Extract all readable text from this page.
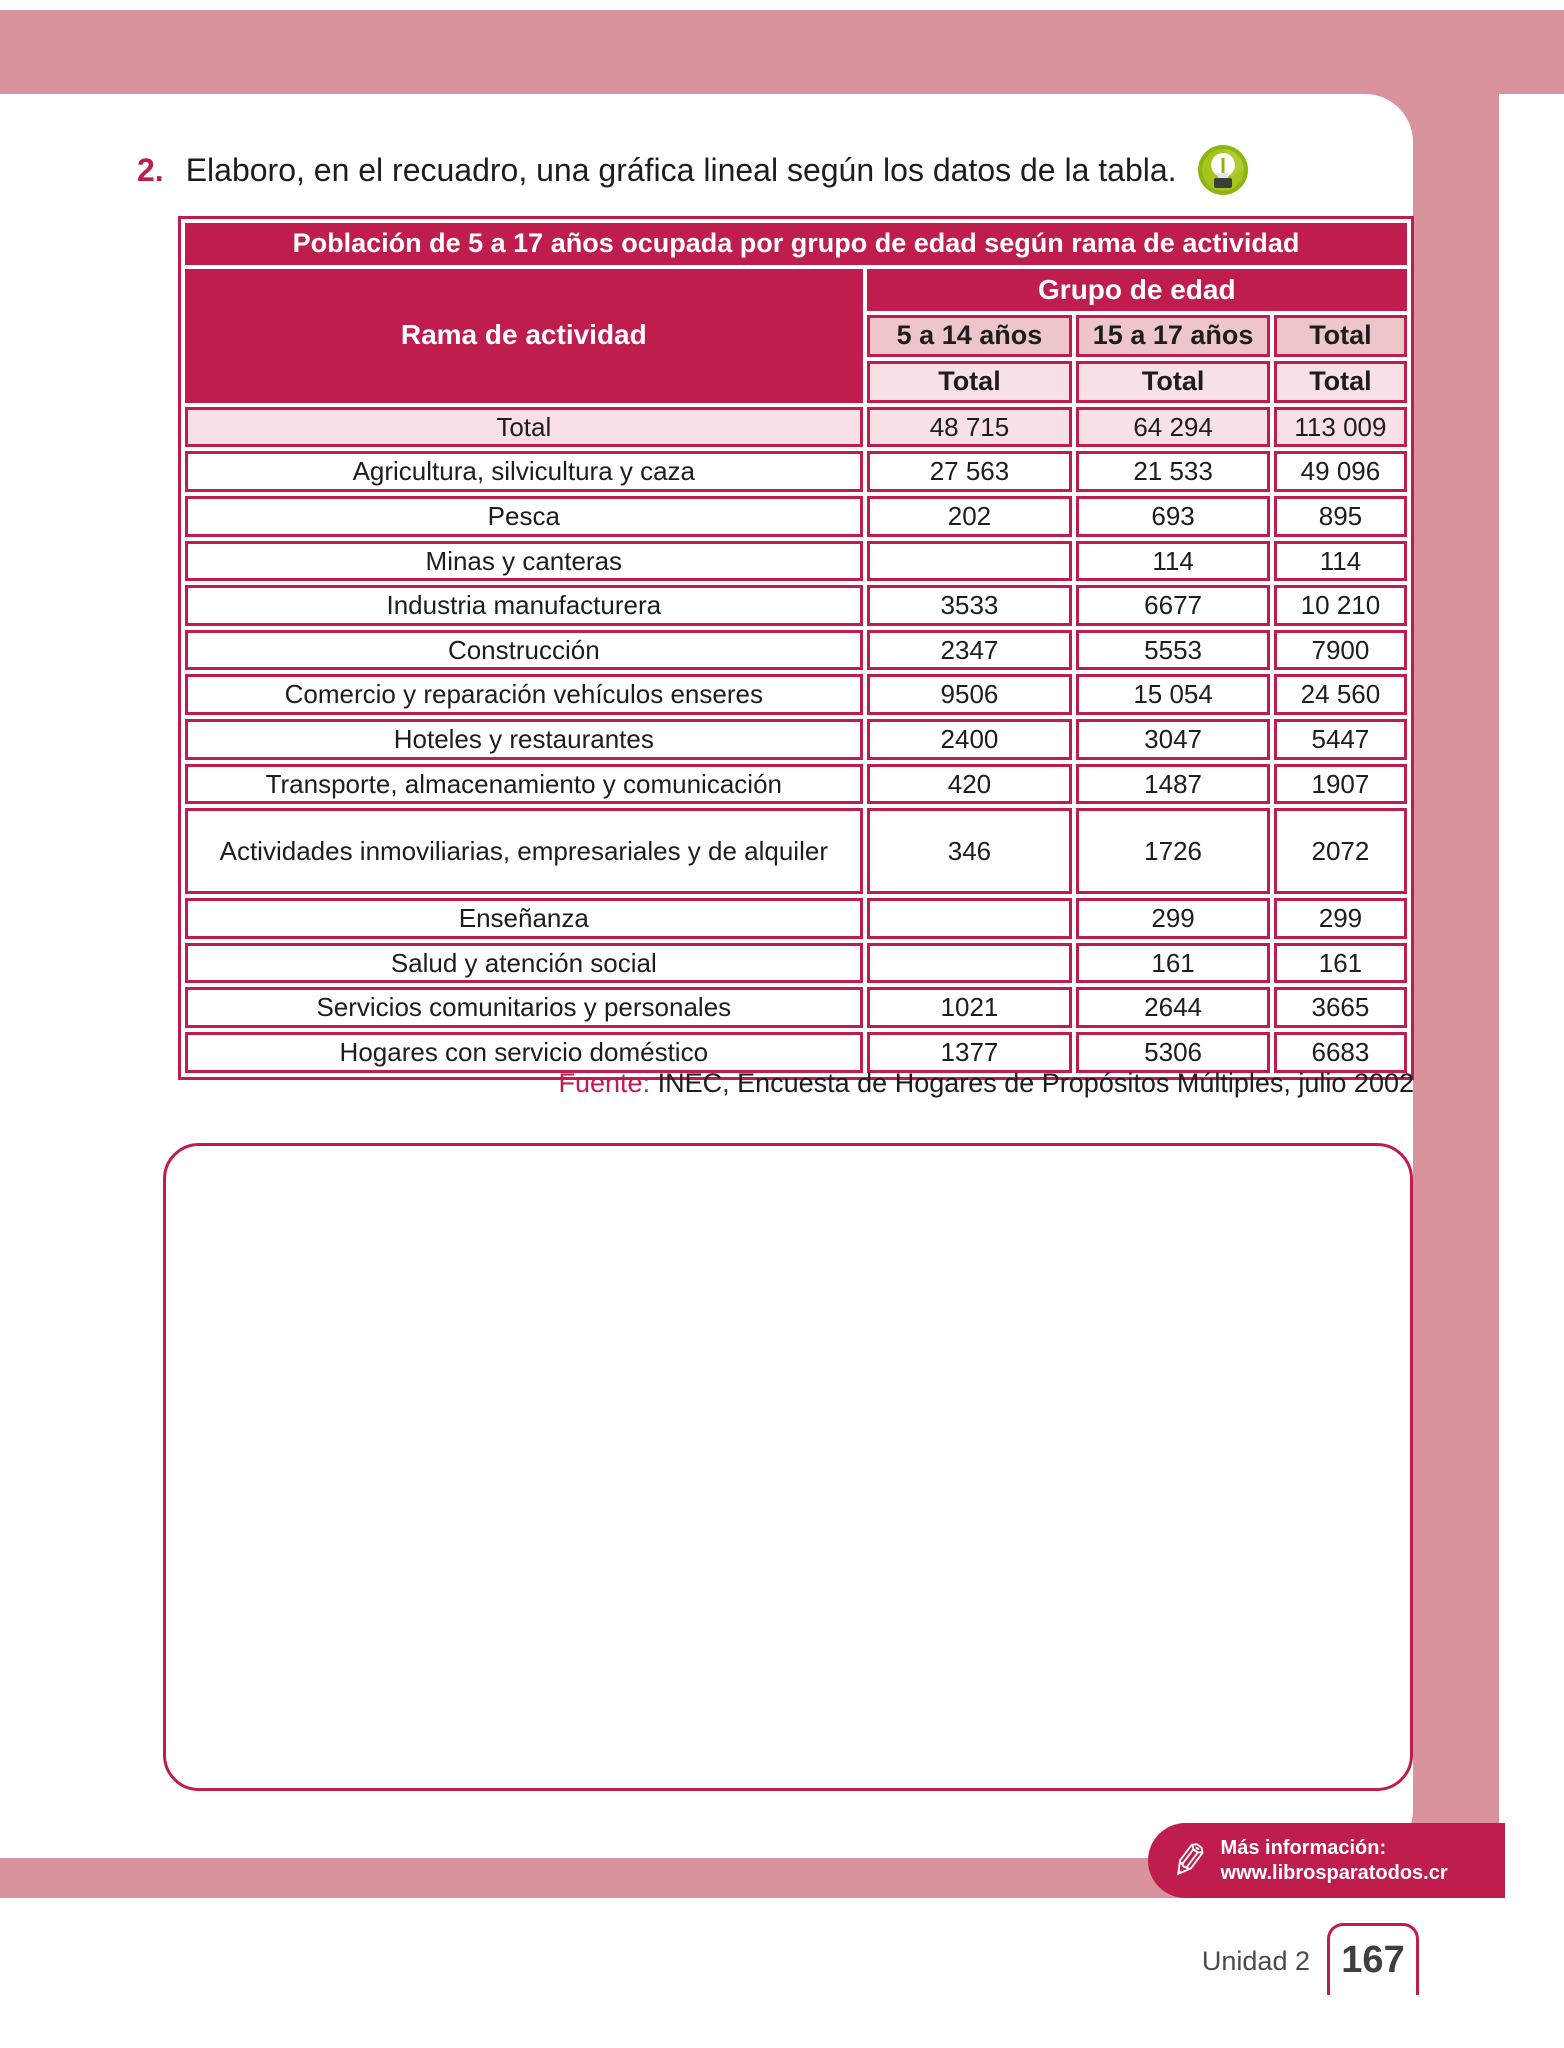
2. Elaboro, en el recuadro, una gráfica lineal según los datos de la tabla.
Población de 5 a 17 años ocupada por grupo de edad según rama de actividad			
Rama de actividad	Grupo de edad		
	5 a 14 años	15 a 17 años	Total
	Total	Total	Total
Total	48 715	64 294	113 009
Agricultura, silvicultura y caza	27 563	21 533	49 096
Pesca	202	693	895
Minas y canteras		114	114
Industria manufacturera	3533	6677	10 210
Construcción	2347	5553	7900
Comercio y reparación vehículos enseres	9506	15 054	24 560
Hoteles y restaurantes	2400	3047	5447
Transporte, almacenamiento y comunicación	420	1487	1907
Actividades inmoviliarias, empresariales y de alquiler	346	1726	2072
Enseñanza		299	299
Salud y atención social		161	161
Servicios comunitarios y personales	1021	2644	3665
Hogares con servicio doméstico	1377	5306	6683
Fuente: INEC, Encuesta de Hogares de Propósitos Múltiples, julio 2002
✎ Más información:
www.librosparatodos.cr
Unidad 2 167
